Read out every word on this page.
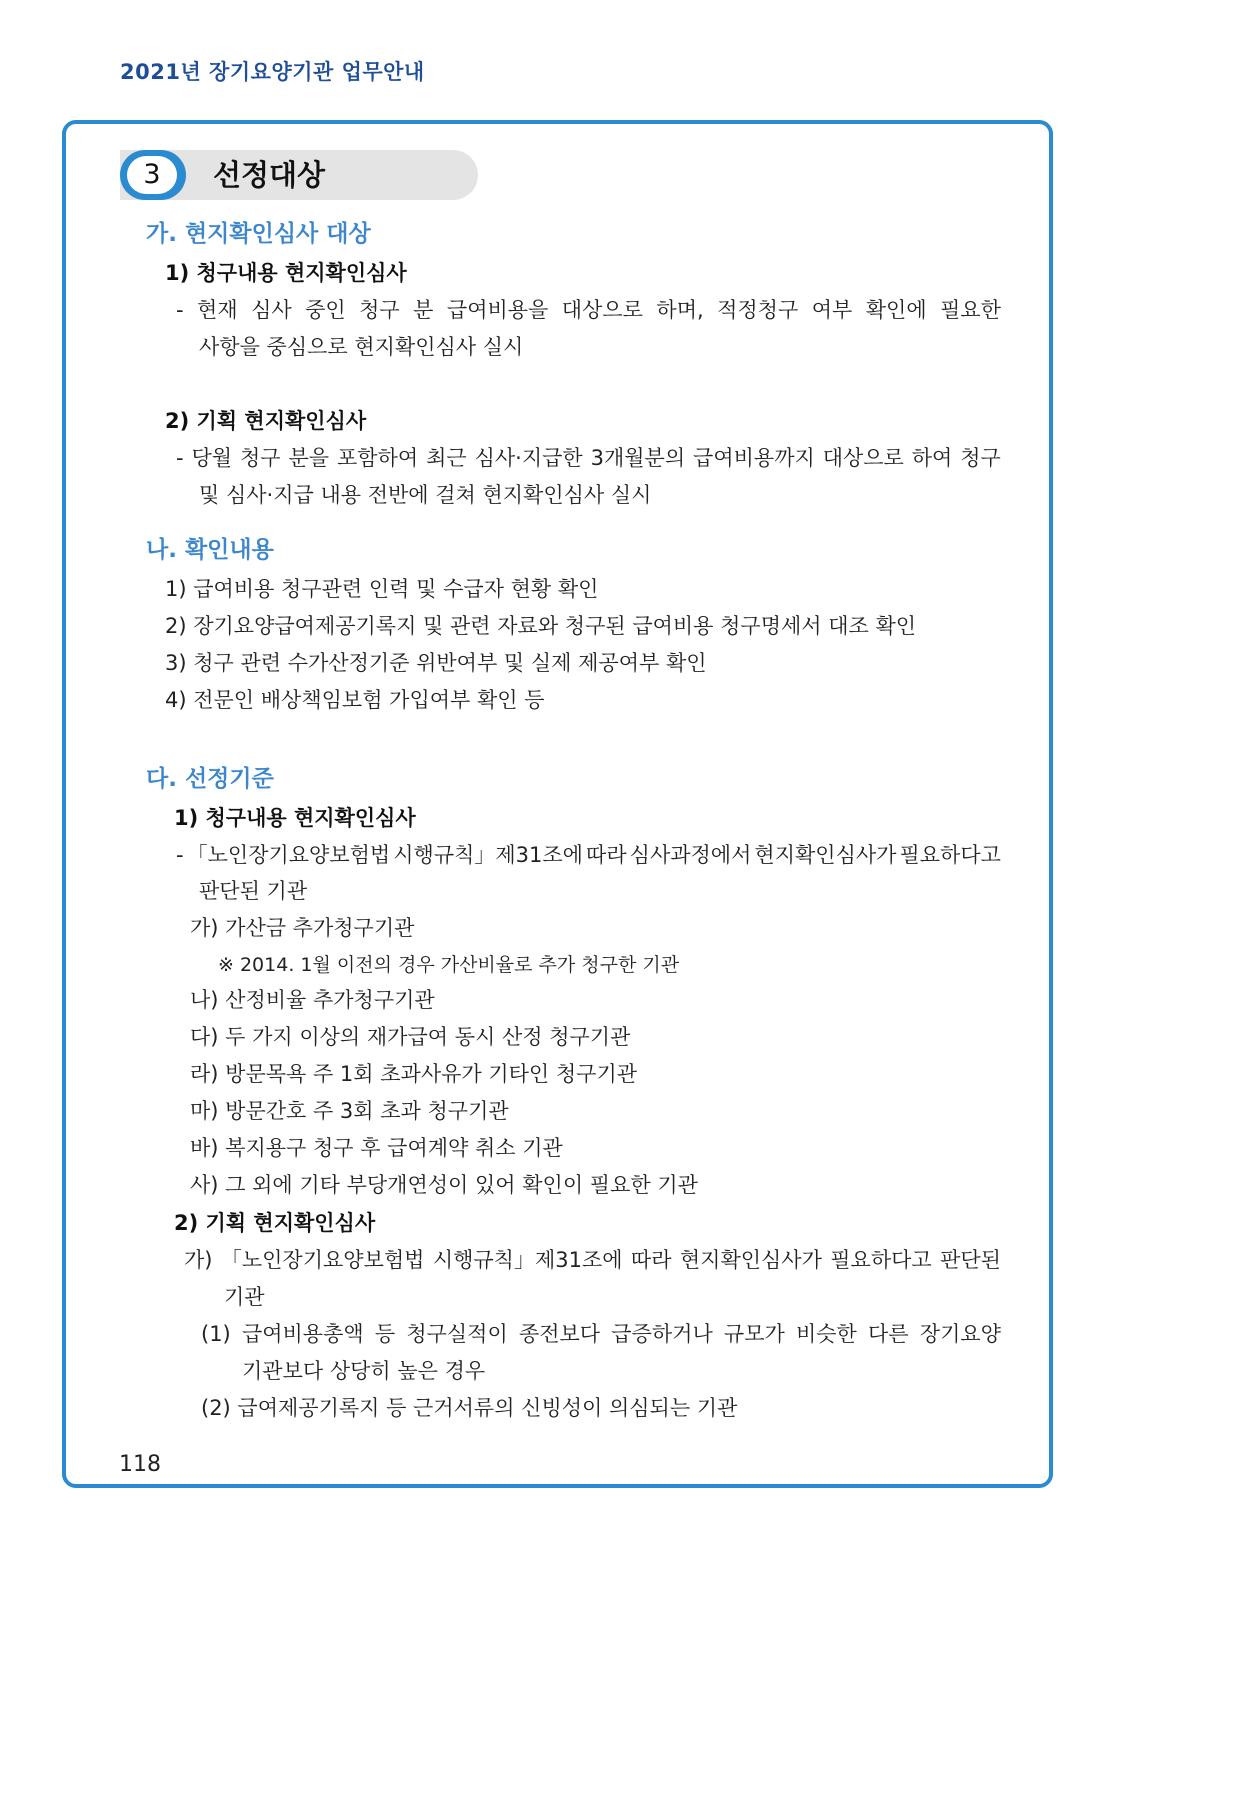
2021년 장기요양기관 업무안내
3	선정대상
가. 현지확인심사 대상
1) 청구내용 현지확인심사
- 현재 심사 중인 청구 분 급여비용을 대상으로 하며, 적정청구 여부 확인에 필요한
사항을 중심으로 현지확인심사 실시
2) 기획 현지확인심사
- 당월 청구 분을 포함하여 최근 심사·지급한 3개월분의 급여비용까지 대상으로 하여 청구
및 심사·지급 내용 전반에 걸쳐 현지확인심사 실시
나. 확인내용
1) 급여비용 청구관련 인력 및 수급자 현황 확인
2) 장기요양급여제공기록지 및 관련 자료와 청구된 급여비용 청구명세서 대조 확인
3) 청구 관련 수가산정기준 위반여부 및 실제 제공여부 확인
4) 전문인 배상책임보험 가입여부 확인 등
다. 선정기준
1) 청구내용 현지확인심사
- 「노인장기요양보험법 시행규칙」제31조에 따라 심사과정에서 현지확인심사가 필요하다고
판단된 기관
가) 가산금 추가청구기관
※ 2014. 1월 이전의 경우 가산비율로 추가 청구한 기관
나) 산정비율 추가청구기관
다) 두 가지 이상의 재가급여 동시 산정 청구기관
라) 방문목욕 주 1회 초과사유가 기타인 청구기관
마) 방문간호 주 3회 초과 청구기관
바) 복지용구 청구 후 급여계약 취소 기관
사) 그 외에 기타 부당개연성이 있어 확인이 필요한 기관
2) 기획 현지확인심사
가) 「노인장기요양보험법 시행규칙」제31조에 따라 현지확인심사가 필요하다고 판단된
기관
(1) 급여비용총액 등 청구실적이 종전보다 급증하거나 규모가 비슷한 다른 장기요양
기관보다 상당히 높은 경우
(2) 급여제공기록지 등 근거서류의 신빙성이 의심되는 기관
118
